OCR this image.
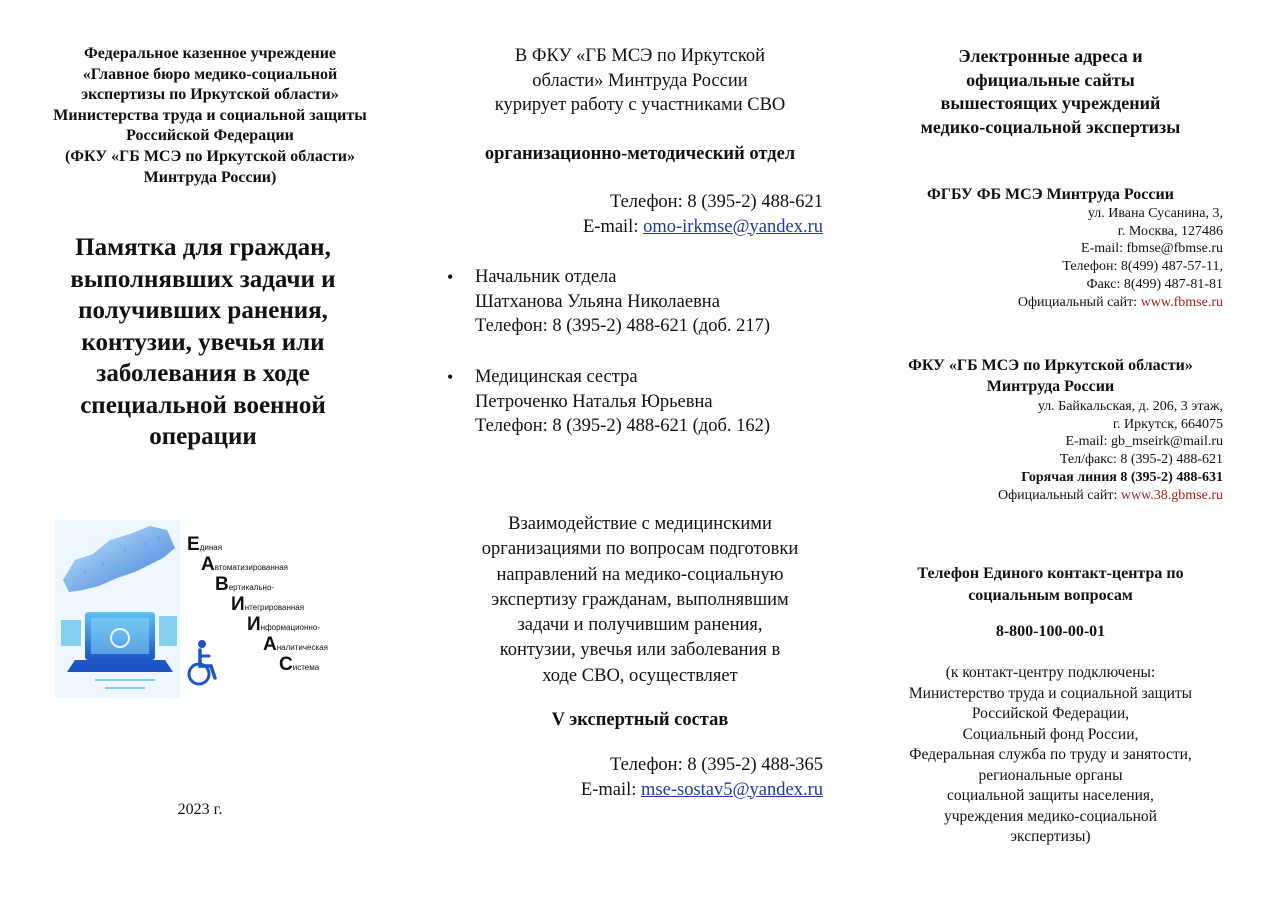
Федеральное казенное учреждение
«Главное бюро медико-социальной
экспертизы по Иркутской области»
Министерства труда и социальной защиты
Российской Федерации
(ФКУ «ГБ МСЭ по Иркутской области»
Минтруда России)
Памятка для граждан,
выполнявших задачи и
получивших ранения,
контузии, увечья или
заболевания в ходе
специальной военной
операции
Единая
Автоматизированная
Вертикально-
Интегрированная
Информационно-
Аналитическая
Система
2023 г.
В ФКУ «ГБ МСЭ по Иркутской
области» Минтруда России
курирует работу с участниками СВО
организационно-методический отдел
Телефон: 8 (395-2) 488-621
E-mail: omo-irkmse@yandex.ru
• Начальник отдела
Шатханова Ульяна Николаевна
Телефон: 8 (395-2) 488-621 (доб. 217)
• Медицинская сестра
Петроченко Наталья Юрьевна
Телефон: 8 (395-2) 488-621 (доб. 162)
Взаимодействие с медицинскими
организациями по вопросам подготовки
направлений на медико-социальную
экспертизу гражданам, выполнявшим
задачи и получившим ранения,
контузии, увечья или заболевания в
ходе СВО, осуществляет
V экспертный состав
Телефон: 8 (395-2) 488-365
E-mail: mse-sostav5@yandex.ru
Электронные адреса и
официальные сайты
вышестоящих учреждений
медико-социальной экспертизы
ФГБУ ФБ МСЭ Минтруда России
ул. Ивана Сусанина, 3,
г. Москва, 127486
E-mail: fbmse@fbmse.ru
Телефон: 8(499) 487-57-11,
Факс: 8(499) 487-81-81
Официальный сайт: www.fbmse.ru
ФКУ «ГБ МСЭ по Иркутской области»
Минтруда России
ул. Байкальская, д. 206, 3 этаж,
г. Иркутск, 664075
E-mail: gb_mseirk@mail.ru
Тел/факс: 8 (395-2) 488-621
Горячая линия 8 (395-2) 488-631
Официальный сайт: www.38.gbmse.ru
Телефон Единого контакт-центра по
социальным вопросам
8-800-100-00-01
(к контакт-центру подключены:
Министерство труда и социальной защиты
Российской Федерации,
Социальный фонд России,
Федеральная служба по труду и занятости,
региональные органы
социальной защиты населения,
учреждения медико-социальной
экспертизы)
